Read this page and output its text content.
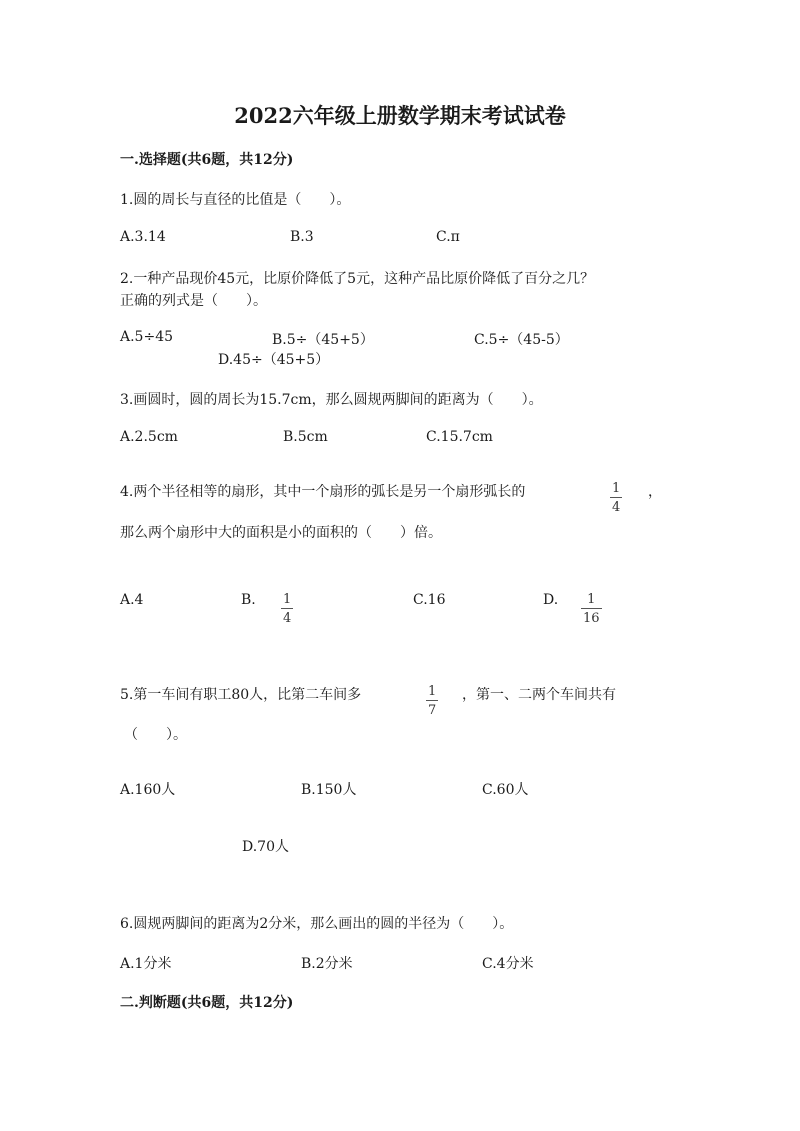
2022六年级上册数学期末考试试卷
一.选择题(共6题，共12分)
1.圆的周长与直径的比值是（　　）。
A.3.14	B.3	C.π
2.一种产品现价45元，比原价降低了5元，这种产品比原价降低了百分之几？
正确的列式是（　　）。
A.5÷45	B.5÷（45+5）	C.5÷（45-5）
D.45÷（45+5）
3.画圆时，圆的周长为15.7cm，那么圆规两脚间的距离为（　　）。
A.2.5cm	B.5cm	C.15.7cm
4.两个半径相等的扇形，其中一个扇形的弧长是另一个扇形弧长的	$\frac{1}{4}$ ，
那么两个扇形中大的面积是小的面积的（　　）倍。
A.4	B. $\frac{1}{4}$	C.16	D. $\frac{1}{16}$
5.第一车间有职工80人，比第二车间多	$\frac{1}{7}$ ，第一、二两个车间共有
（　　）。
A.160人	B.150人	C.60人
D.70人
6.圆规两脚间的距离为2分米，那么画出的圆的半径为（　　）。
A.1分米	B.2分米	C.4分米
二.判断题(共6题，共12分)
